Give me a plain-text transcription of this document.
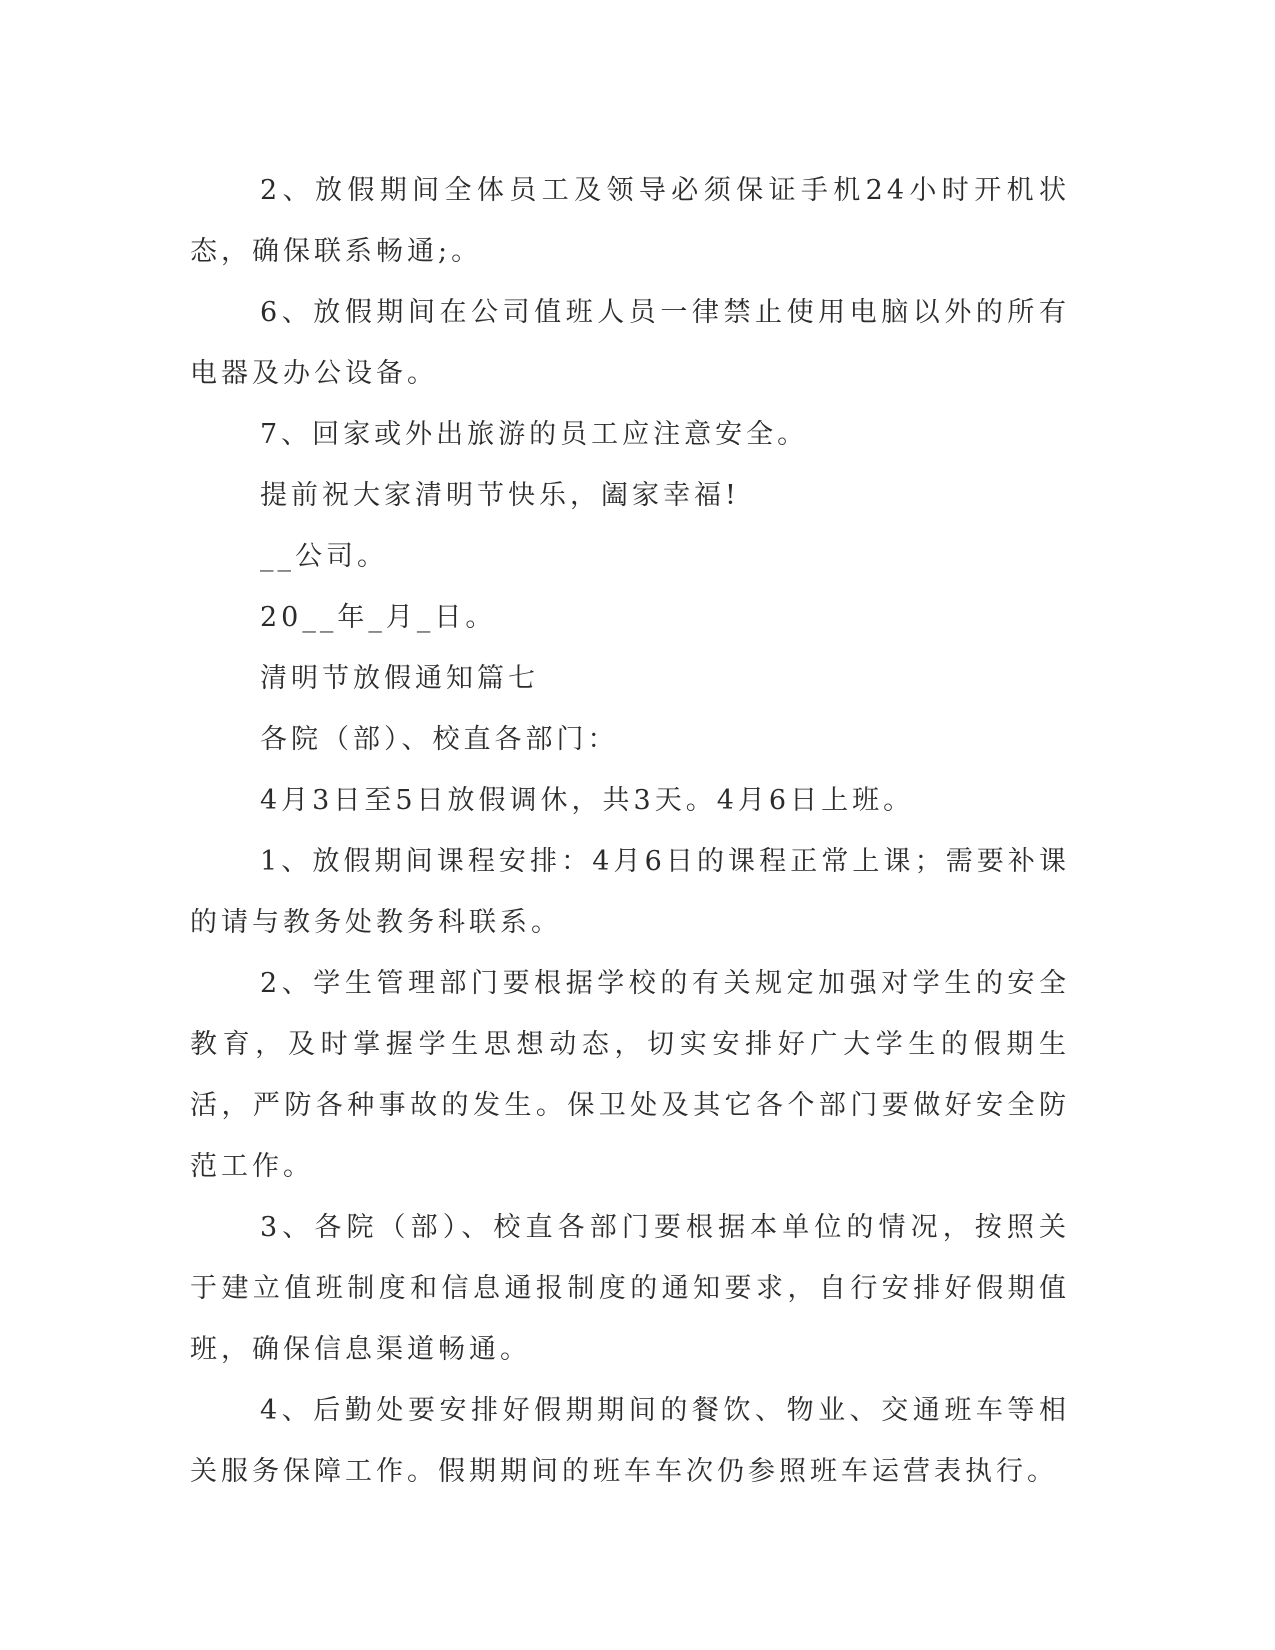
2、放假期间全体员工及领导必须保证手机24小时开机状态，确保联系畅通;。

6、放假期间在公司值班人员一律禁止使用电脑以外的所有电器及办公设备。

7、回家或外出旅游的员工应注意安全。

提前祝大家清明节快乐，阖家幸福!

__公司。

20__年_月_日。

清明节放假通知篇七

各院（部）、校直各部门：

4月3日至5日放假调休，共3天。4月6日上班。

1、放假期间课程安排：4月6日的课程正常上课；需要补课的请与教务处教务科联系。

2、学生管理部门要根据学校的有关规定加强对学生的安全教育，及时掌握学生思想动态，切实安排好广大学生的假期生活，严防各种事故的发生。保卫处及其它各个部门要做好安全防范工作。

3、各院（部）、校直各部门要根据本单位的情况，按照关于建立值班制度和信息通报制度的通知要求，自行安排好假期值班，确保信息渠道畅通。

4、后勤处要安排好假期期间的餐饮、物业、交通班车等相关服务保障工作。假期期间的班车车次仍参照班车运营表执行。
